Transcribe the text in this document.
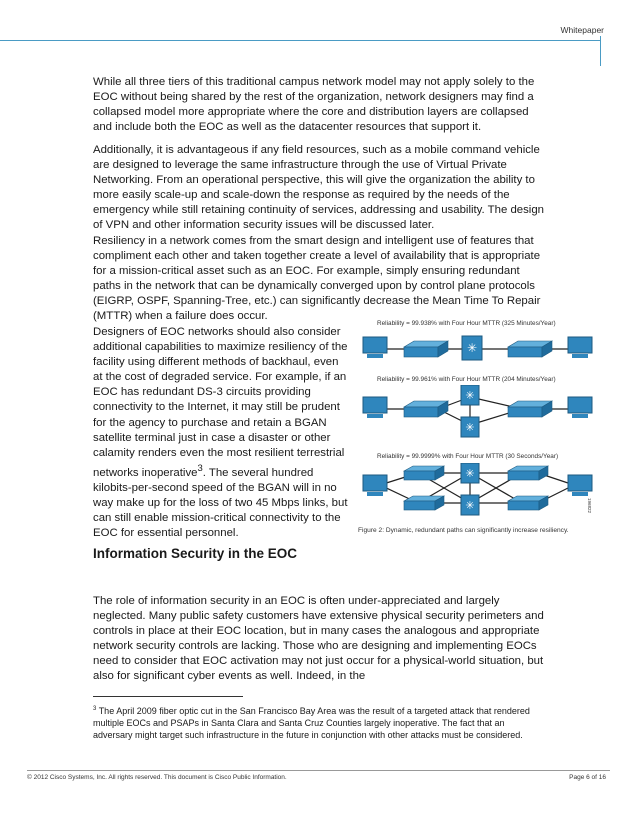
Whitepaper

While all three tiers of this traditional campus network model may not apply solely to the EOC without being shared by the rest of the organization, network designers may find a collapsed model more appropriate where the core and distribution layers are collapsed and include both the EOC as well as the datacenter resources that support it.

Additionally, it is advantageous if any field resources, such as a mobile command vehicle are designed to leverage the same infrastructure through the use of Virtual Private Networking. From an operational perspective, this will give the organization the ability to more easily scale-up and scale-down the response as required by the needs of the emergency while still retaining continuity of services, addressing and usability. The design of VPN and other information security issues will be discussed later.

Resiliency in a network comes from the smart design and intelligent use of features that compliment each other and taken together create a level of availability that is appropriate for a mission-critical asset such as an EOC. For example, simply ensuring redundant paths in the network that can be dynamically converged upon by control plane protocols (EIGRP, OSPF, Spanning-Tree, etc.) can significantly decrease the Mean Time To Repair (MTTR) when a failure does occur.

Designers of EOC networks should also consider additional capabilities to maximize resiliency of the facility using different methods of backhaul, even at the cost of degraded service. For example, if an EOC has redundant DS-3 circuits providing connectivity to the Internet, it may still be prudent for the agency to purchase and retain a BGAN satellite terminal just in case a disaster or other calamity renders even the most resilient terrestrial networks inoperative$^3$. The several hundred kilobits-per-second speed of the BGAN will in no way make up for the loss of two 45 Mbps links, but can still enable mission-critical connectivity to the EOC for essential personnel.

Reliability = 99.938% with Four Hour MTTR (325 Minutes/Year)
✳
Reliability = 99.961% with Four Hour MTTR (204 Minutes/Year)
✳
✳
Reliability = 99.9999% with Four Hour MTTR (30 Seconds/Year)
✳
✳	196822
Figure 2: Dynamic, redundant paths can significantly increase resiliency.
Information Security in the EOC

The role of information security in an EOC is often under-appreciated and largely neglected. Many public safety customers have extensive physical security perimeters and controls in place at their EOC location, but in many cases the analogous and appropriate network security controls are lacking. Those who are designing and implementing EOCs need to consider that EOC activation may not just occur for a physical-world situation, but also for significant cyber events as well. Indeed, in the

$^3$ The April 2009 fiber optic cut in the San Francisco Bay Area was the result of a targeted attack that rendered multiple EOCs and PSAPs in Santa Clara and Santa Cruz Counties largely inoperative. The fact that an adversary might target such infrastructure in the future in conjunction with other attacks must be considered.

© 2012 Cisco Systems, Inc. All rights reserved. This document is Cisco Public Information.	Page 6 of 16
